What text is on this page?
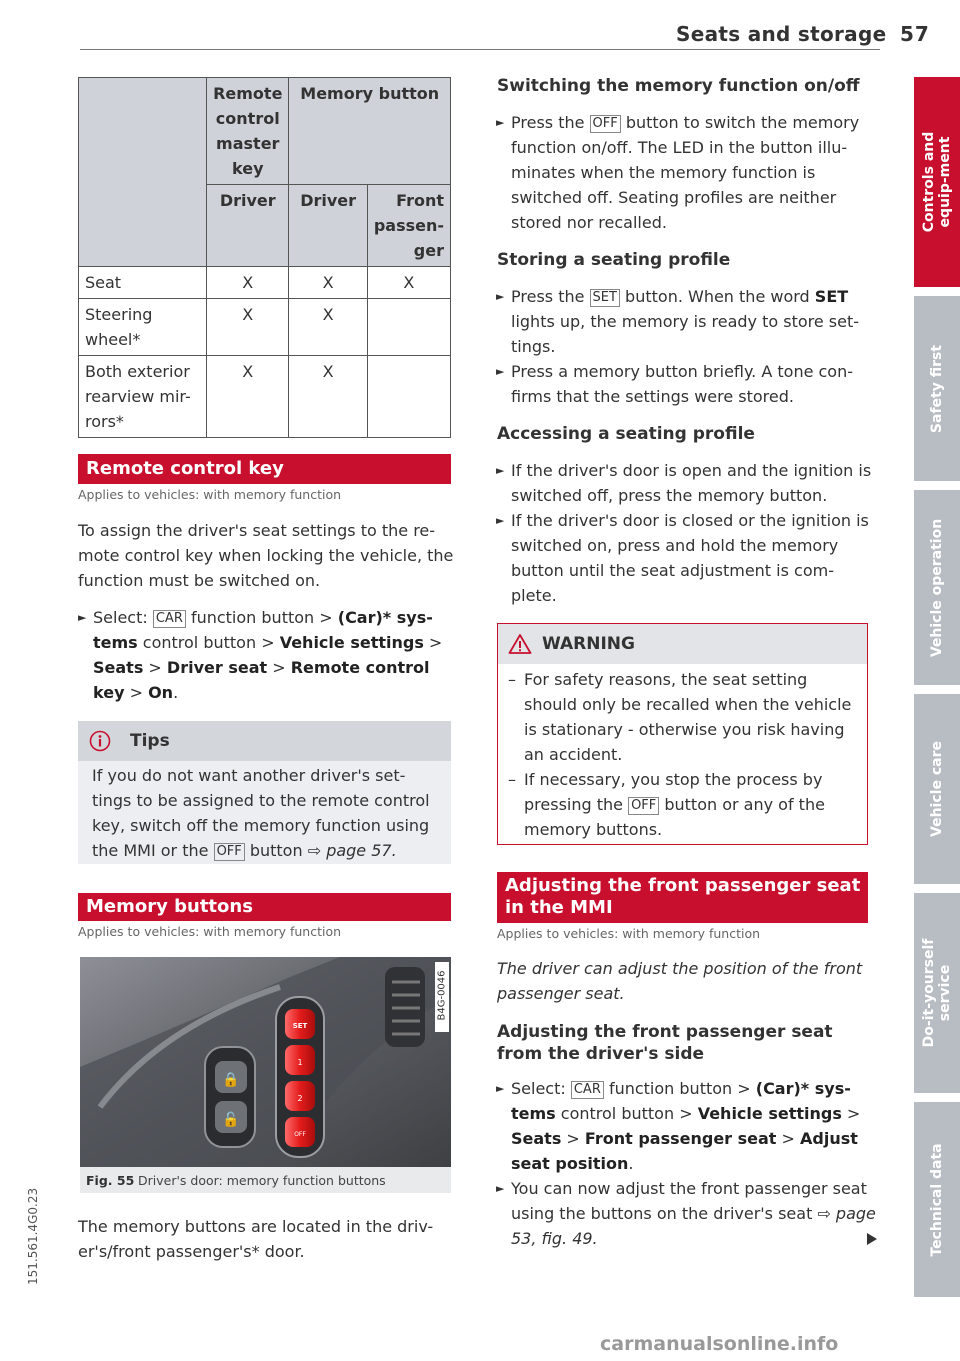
Seats and storage 57
	Remote control master key	Memory button	
	Driver	Driver	Front passen-ger
Seat	X	X	X
Steering wheel*	X	X	
Both exterior rearview mir-rors*	X	X	
Remote control key
Applies to vehicles: with memory function
To assign the driver's seat settings to the re-mote control key when locking the vehicle, the function must be switched on.
► Select: CAR function button > (Car)* sys-tems control button > Vehicle settings > Seats > Driver seat > Remote control key > On.
Tips
If you do not want another driver's set-tings to be assigned to the remote control key, switch off the memory function using the MMI or the OFF button ⇨ page 57.
Memory buttons
Applies to vehicles: with memory function
🔒
🔓
SET
1
2
OFF
B4G-0046
Fig. 55 Driver's door: memory function buttons
The memory buttons are located in the driv-er's/front passenger's* door.
Switching the memory function on/off
► Press the OFF button to switch the memory function on/off. The LED in the button illu-minates when the memory function is switched off. Seating profiles are neither stored nor recalled.
Storing a seating profile
► Press the SET button. When the word SET lights up, the memory is ready to store set-tings.
► Press a memory button briefly. A tone con-firms that the settings were stored.
Accessing a seating profile
► If the driver's door is open and the ignition is switched off, press the memory button.
► If the driver's door is closed or the ignition is switched on, press and hold the memory button until the seat adjustment is com-plete.
WARNING
– For safety reasons, the seat setting should only be recalled when the vehicle is stationary - otherwise you risk having an accident.
– If necessary, you stop the process by pressing the OFF button or any of the memory buttons.
Adjusting the front passenger seat in the MMI
Applies to vehicles: with memory function
The driver can adjust the position of the front passenger seat.
Adjusting the front passenger seat from the driver's side
► Select: CAR function button > (Car)* sys-tems control button > Vehicle settings > Seats > Front passenger seat > Adjust seat position.
► You can now adjust the front passenger seat using the buttons on the driver's seat ⇨ page 53, fig. 49.
Controls and equip-ment
Safety first
Vehicle operation
Vehicle care
Do-it-yourself service
Technical data
151.561.4G0.23
carmanualsonline.info
